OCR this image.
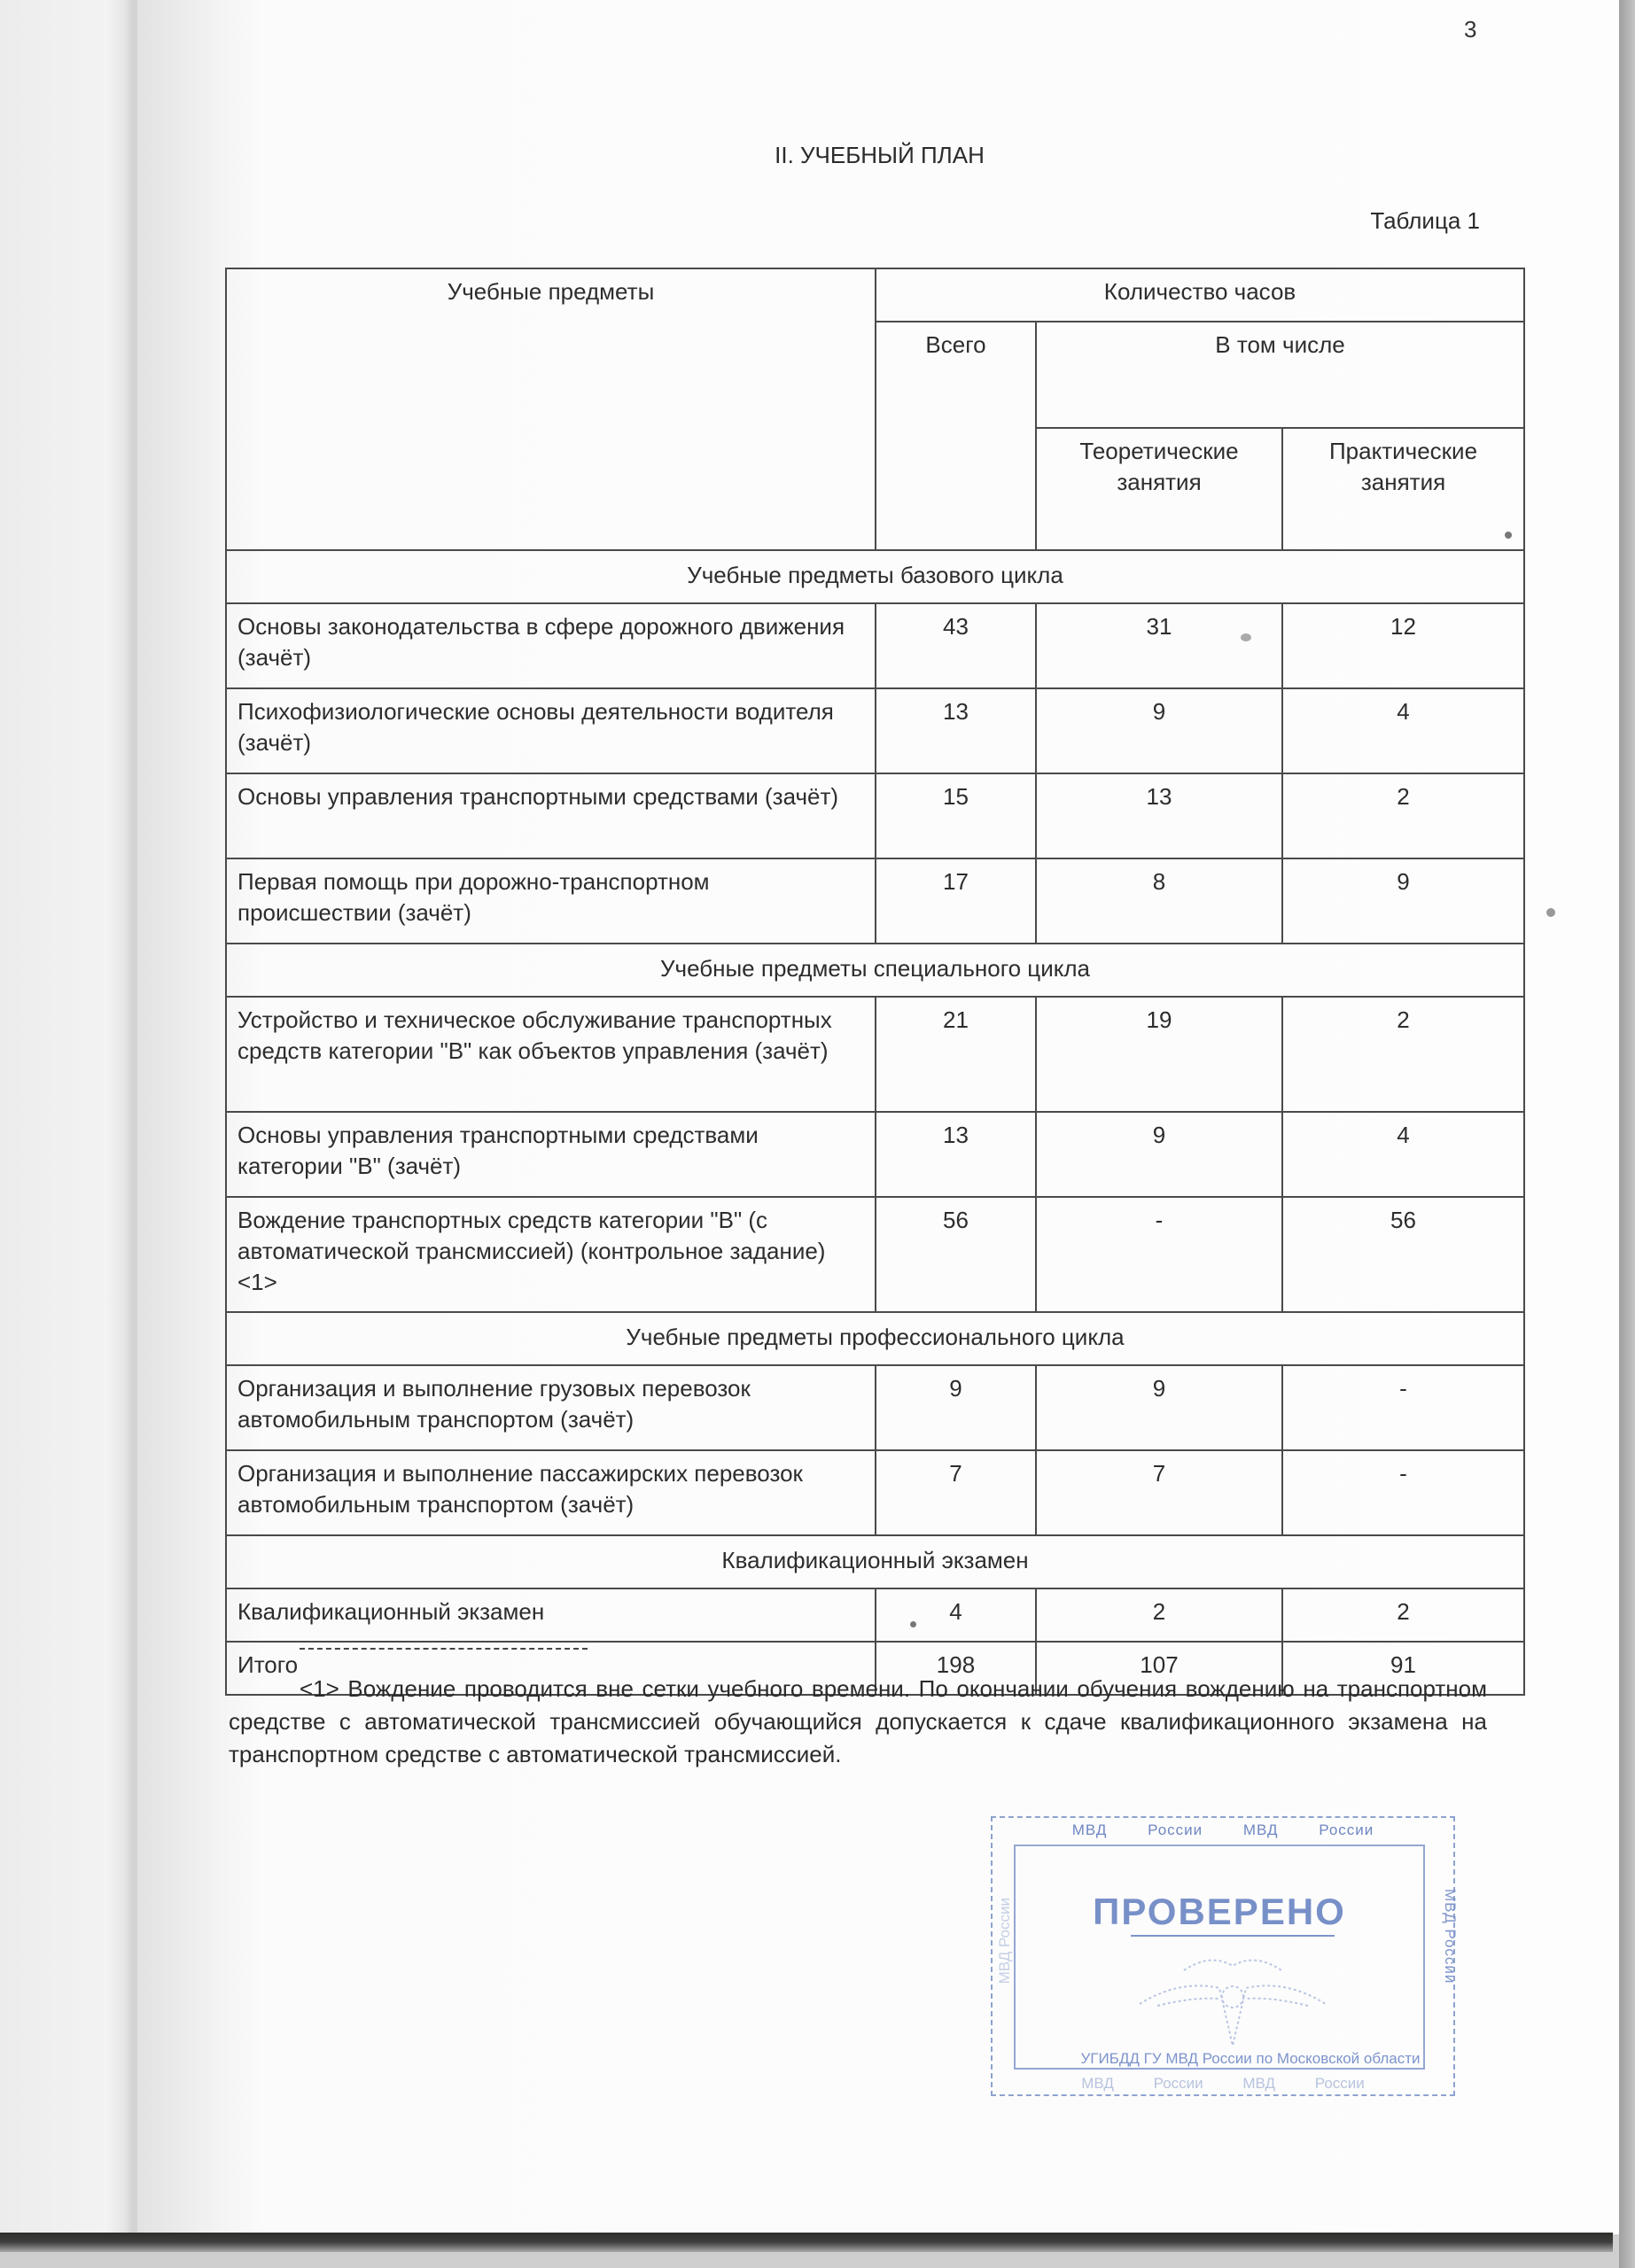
3
II. УЧЕБНЫЙ ПЛАН
Таблица 1
Учебные предметы	Количество часов		
	Всего	В том числе	
		Теоретические занятия	Практические занятия
Учебные предметы базового цикла			
Основы законодательства в сфере дорожного движения (зачёт)	43	31	12
Психофизиологические основы деятельности водителя (зачёт)	13	9	4
Основы управления транспортными средствами (зачёт)	15	13	2
Первая помощь при дорожно-транспортном происшествии (зачёт)	17	8	9
Учебные предметы специального цикла			
Устройство и техническое обслуживание транспортных средств категории "B" как объектов управления (зачёт)	21	19	2
Основы управления транспортными средствами категории "B" (зачёт)	13	9	4
Вождение транспортных средств категории "B" (с автоматической трансмиссией) (контрольное задание)<1>	56	-	56
Учебные предметы профессионального цикла			
Организация и выполнение грузовых перевозок автомобильным транспортом (зачёт)	9	9	-
Организация и выполнение пассажирских перевозок автомобильным транспортом (зачёт)	7	7	-
Квалификационный экзамен			
Квалификационный экзамен	4	2	2
Итого	198	107	91
<1> Вождение проводится вне сетки учебного времени. По окончании обучения вождению на транспортном средстве с автоматической трансмиссией обучающийся допускается к сдаче квалификационного экзамена на транспортном средстве с автоматической трансмиссией.
МВД России МВД России
МВД России
МВД России	ПРОВЕРЕНО
УГИБДД ГУ МВД России по Московской области
МВД России МВД России
